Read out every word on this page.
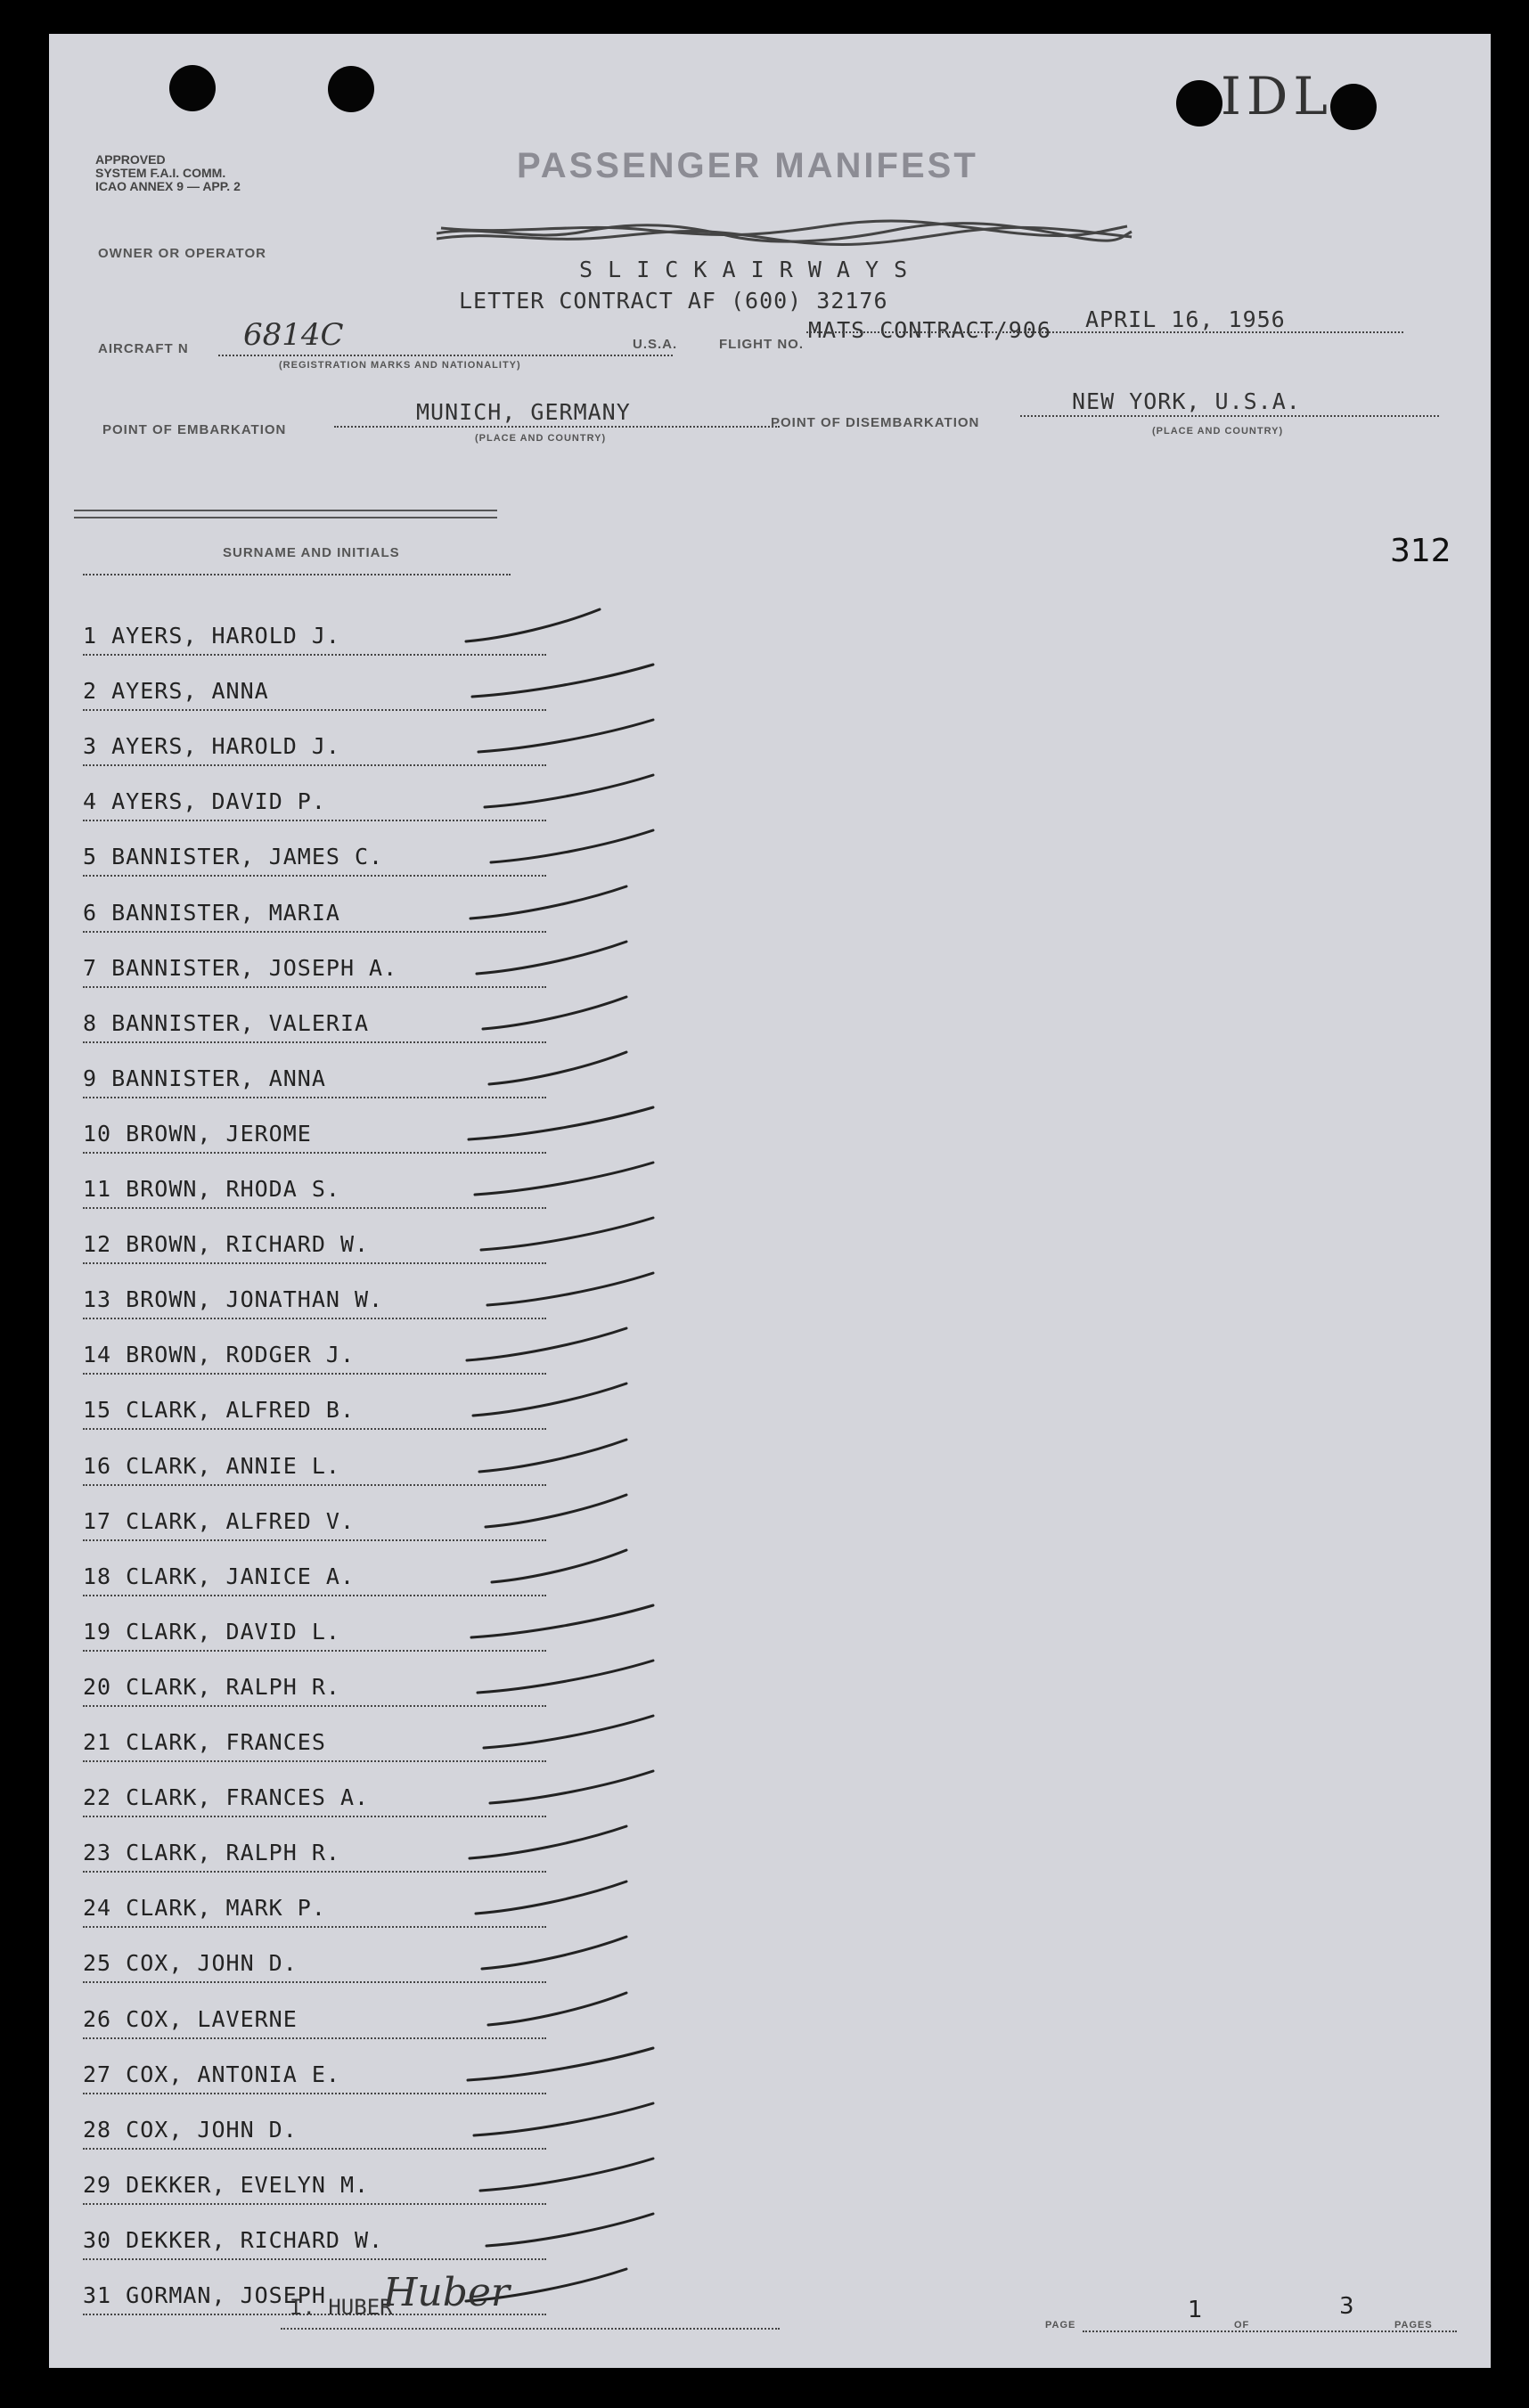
IDL
APPROVED
SYSTEM F.A.I. COMM.
ICAO ANNEX 9 — APP. 2
PASSENGER MANIFEST
OWNER OR OPERATOR
S L I C K A I R W A Y S
LETTER CONTRACT AF (600) 32176
AIRCRAFT N 6814C
(REGISTRATION MARKS AND NATIONALITY)
U.S.A.	FLIGHT NO.
MATS CONTRACT/906 APRIL 16, 1956
POINT OF EMBARKATION
MUNICH, GERMANY
(PLACE AND COUNTRY)
POINT OF DISEMBARKATION
NEW YORK, U.S.A.
(PLACE AND COUNTRY)
SURNAME AND INITIALS	312
1 AYERS, HAROLD J.
2 AYERS, ANNA
3 AYERS, HAROLD J.
4 AYERS, DAVID P.
5 BANNISTER, JAMES C.
6 BANNISTER, MARIA
7 BANNISTER, JOSEPH A.
8 BANNISTER, VALERIA
9 BANNISTER, ANNA
10 BROWN, JEROME
11 BROWN, RHODA S.
12 BROWN, RICHARD W.
13 BROWN, JONATHAN W.
14 BROWN, RODGER J.
15 CLARK, ALFRED B.
16 CLARK, ANNIE L.
17 CLARK, ALFRED V.
18 CLARK, JANICE A.
19 CLARK, DAVID L.
20 CLARK, RALPH R.
21 CLARK, FRANCES
22 CLARK, FRANCES A.
23 CLARK, RALPH R.
24 CLARK, MARK P.
25 COX, JOHN D.
26 COX, LAVERNE
27 COX, ANTONIA E.
28 COX, JOHN D.
29 DEKKER, EVELYN M.
30 DEKKER, RICHARD W.
31 GORMAN, JOSEPH
I. HUBER
Huber
PAGE
1
OF
3
PAGES
